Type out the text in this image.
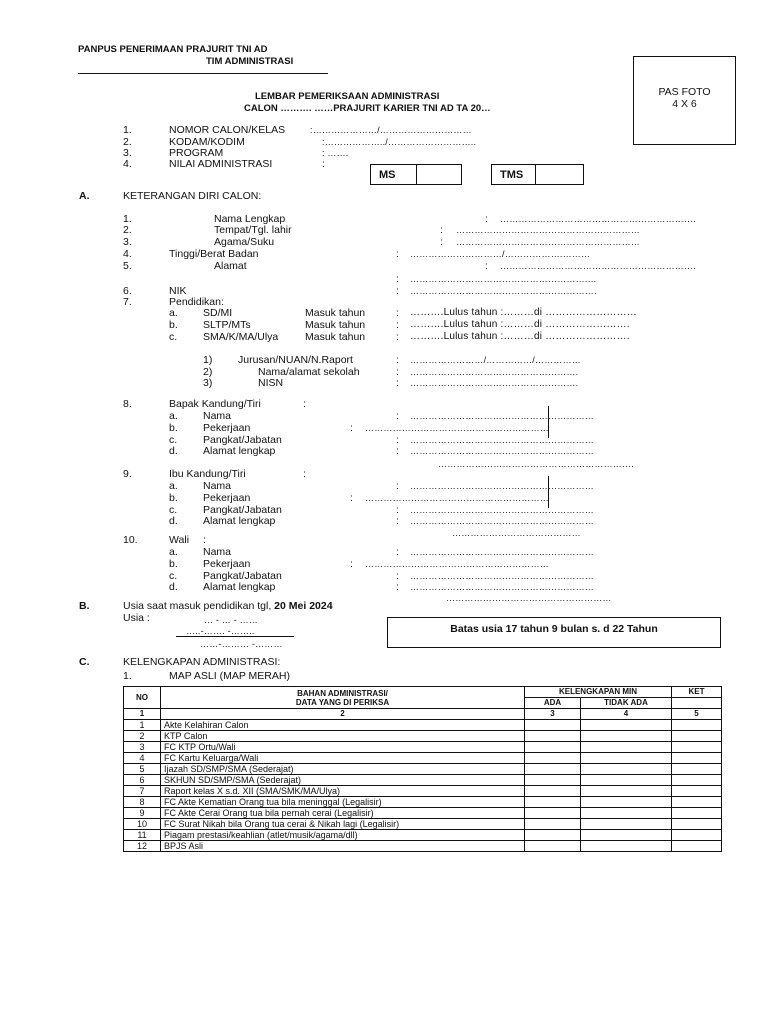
PANPUS PENERIMAAN PRAJURIT TNI AD
TIM ADMINISTRASI
LEMBAR PEMERIKSAAN ADMINISTRASI
CALON ………. ……PRAJURIT KARIER TNI AD TA 20…
PAS FOTO
4 X 6
1.	NOMOR CALON/KELAS	:…………………/…………………………
2.	KODAM/KODIM	:………………../………………………..
3.	PROGRAM	: …….
4.	NILAI ADMINISTRASI	:
MS	TMS
A.	KETERANGAN DIRI CALON:
1.	Nama Lengkap	: ……………………………………………………….
2.	Tempat/Tgl. lahir	: ……………………………………………………
3.	Agama/Suku	: ……………………………………………………
4.	Tinggi/Berat Badan	: …………………………/……………….………
5.	Alamat	: ……………………………………………………….
: ………………………………………………….…
6.	NIK	: …………………………………………………….
7.	Pendidikan:
a. SD/MI	Masuk tahun	: ……….Lulus tahun :………di ………………………
b. SLTP/MTs	Masuk tahun	: ……….Lulus tahun :………di …………………….
c. SMA/K/MA/Ulya	Masuk tahun	: ……….Lulus tahun :………di …………………….
1) Jurusan/NUAN/N.Raport	: ……………………/……………/……………
2)	Nama/alamat sekolah	: ……………………………………………….
3)	NISN	: ……………………………………………….
8.	Bapak Kandung/Tiri	:
a. Nama	: ……………………………………………………
b. Pekerjaan	: ……………………………………………………
c. Pangkat/Jabatan	: ……………………………………………………
d. Alamat lengkap	: ……………………………………………………
……………………………………………………….
9.	Ibu Kandung/Tiri	:
a. Nama	: ……………………………………………………
b. Pekerjaan	: ……………………………………………………
c. Pangkat/Jabatan	: ……………………………………………………
d. Alamat lengkap	: ……………………………………………………
……………………………………
10.	Wali :
a. Nama	: ……………………………………………………
b. Pekerjaan	: ……………………………………………………
c. Pangkat/Jabatan	: ……………………………………………………
d. Alamat lengkap	: ……………………………………………………
………………………………………………
B.	Usia saat masuk pendidikan tgl, 20 Mei 2024
Usia :	… - … - ……
…..-……. -……..
……-……… -………
Batas usia 17 tahun 9 bulan s. d 22 Tahun
C.	KELENGKAPAN ADMINISTRASI:
1.	MAP ASLI (MAP MERAH)
NO	BAHAN ADMINISTRASI/
DATA YANG DI PERIKSA	KELENGKAPAN MIN		KET
		ADA	TIDAK ADA	
1	2	3	4	5
1	Akte Kelahiran Calon			
2	KTP Calon			
3	FC KTP Ortu/Wali			
4	FC Kartu Keluarga/Wali			
5	Ijazah SD/SMP/SMA (Sederajat)			
6	SKHUN SD/SMP/SMA (Sederajat)			
7	Raport kelas X s.d. XII (SMA/SMK/MA/Ulya)			
8	FC Akte Kematian Orang tua bila meninggal (Legalisir)			
9	FC Akte Cerai Orang tua bila pernah cerai (Legalisir)			
10	FC Surat Nikah bila Orang tua cerai & Nikah lagi (Legalisir)			
11	Piagam prestasi/keahlian (atlet/musik/agama/dll)			
12	BPJS Asli			
